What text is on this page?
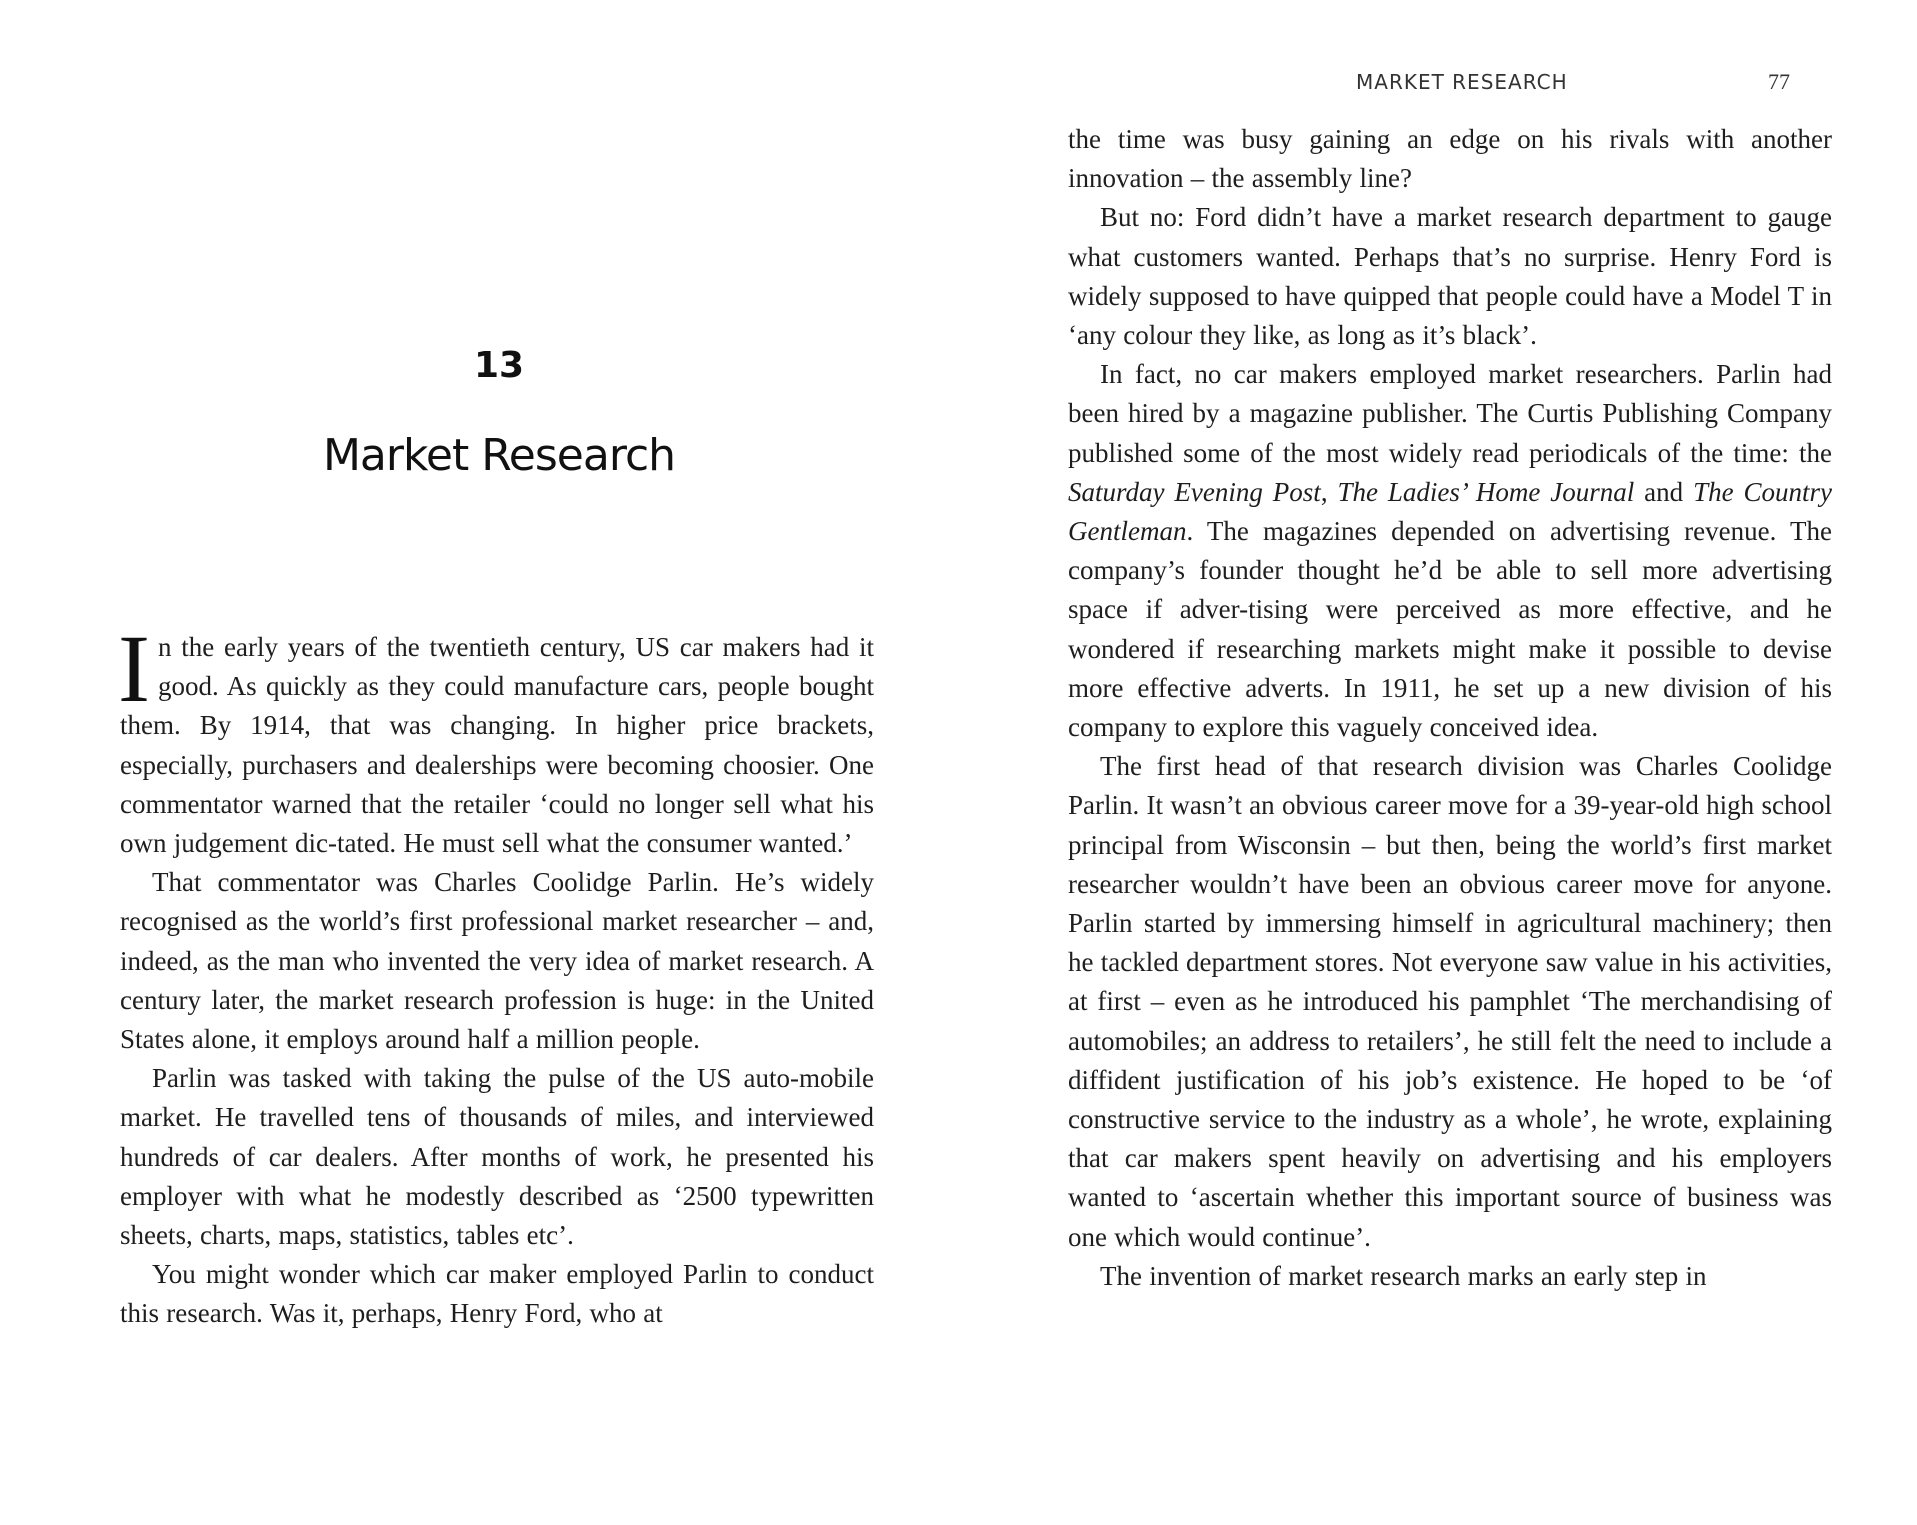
13
Market Research

In the early years of the twentieth century, US car makers had it good. As quickly as they could manufacture cars, people bought them. By 1914, that was changing. In higher price brackets, especially, purchasers and dealerships were becoming choosier. One commentator warned that the retailer ‘could no longer sell what his own judgement dic-tated. He must sell what the consumer wanted.’

That commentator was Charles Coolidge Parlin. He’s widely recognised as the world’s first professional market researcher – and, indeed, as the man who invented the very idea of market research. A century later, the market research profession is huge: in the United States alone, it employs around half a million people.

Parlin was tasked with taking the pulse of the US auto-mobile market. He travelled tens of thousands of miles, and interviewed hundreds of car dealers. After months of work, he presented his employer with what he modestly described as ‘2500 typewritten sheets, charts, maps, statistics, tables etc’.

You might wonder which car maker employed Parlin to conduct this research. Was it, perhaps, Henry Ford, who at

MARKET RESEARCH	77

the time was busy gaining an edge on his rivals with another innovation – the assembly line?

But no: Ford didn’t have a market research department to gauge what customers wanted. Perhaps that’s no surprise. Henry Ford is widely supposed to have quipped that people could have a Model T in ‘any colour they like, as long as it’s black’.

In fact, no car makers employed market researchers. Parlin had been hired by a magazine publisher. The Curtis Publishing Company published some of the most widely read periodicals of the time: the Saturday Evening Post, The Ladies’ Home Journal and The Country Gentleman. The magazines depended on advertising revenue. The company’s founder thought he’d be able to sell more advertising space if adver-tising were perceived as more effective, and he wondered if researching markets might make it possible to devise more effective adverts. In 1911, he set up a new division of his company to explore this vaguely conceived idea.

The first head of that research division was Charles Coolidge Parlin. It wasn’t an obvious career move for a 39-year-old high school principal from Wisconsin – but then, being the world’s first market researcher wouldn’t have been an obvious career move for anyone. Parlin started by immersing himself in agricultural machinery; then he tackled department stores. Not everyone saw value in his activities, at first – even as he introduced his pamphlet ‘The merchandising of automobiles; an address to retailers’, he still felt the need to include a diffident justification of his job’s existence. He hoped to be ‘of constructive service to the industry as a whole’, he wrote, explaining that car makers spent heavily on advertising and his employers wanted to ‘ascertain whether this important source of business was one which would continue’.

The invention of market research marks an early step in
